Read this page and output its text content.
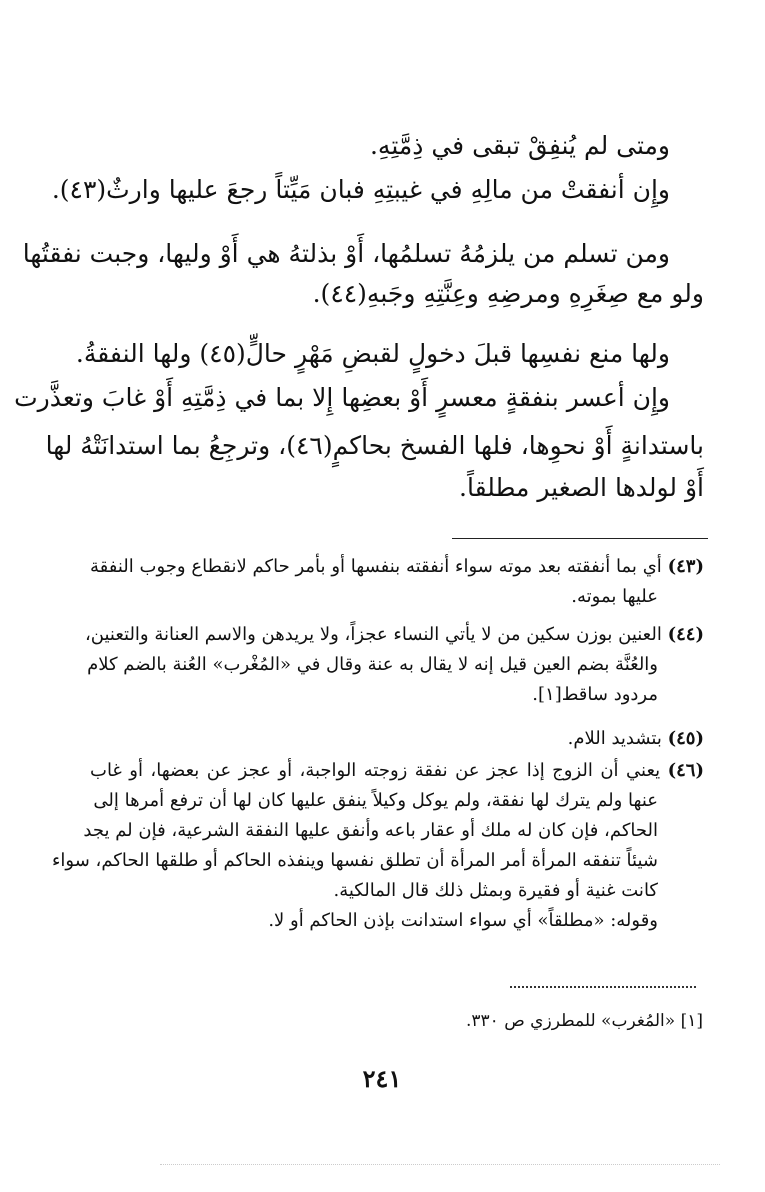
ومتى لم يُنفِقْ تبقى في ذِمَّتِهِ.
وإِن أنفقتْ من مالِهِ في غيبتِهِ فبان مَيِّتاً رجعَ عليها وارثٌ(٤٣).
ومن تسلم من يلزمُهُ تسلمُها، أَوْ بذلتهُ هي أَوْ وليها، وجبت نفقتُها
ولو مع صِغَرِهِ ومرضِهِ وعِنَّتِهِ وجَبهِ(٤٤).
ولها منع نفسِها قبلَ دخولٍ لقبضِ مَهْرٍ حالٍّ(٤٥) ولها النفقةُ.
وإِن أعسر بنفقةٍ معسرٍ أَوْ بعضِها إِلا بما في ذِمَّتِهِ أَوْ غابَ وتعذَّرت
باستدانةٍ أَوْ نحوِها، فلها الفسخ بحاكمٍ(٤٦)، وترجِعُ بما استدانَتْهُ لها
أَوْ لولدها الصغير مطلقاً.
(٤٣) أي بما أنفقته بعد موته سواء أنفقته بنفسها أو بأمر حاكم لانقطاع وجوب النفقة
عليها بموته.
(٤٤) العنين بوزن سكين من لا يأتي النساء عجزاً، ولا يريدهن والاسم العنانة والتعنين،
والعُنَّة بضم العين قيل إنه لا يقال به عنة وقال في «المُغْرب» العُنة بالضم كلام
مردود ساقط[١].
(٤٥) بتشديد اللام.
(٤٦) يعني أن الزوج إذا عجز عن نفقة زوجته الواجبة، أو عجز عن بعضها، أو غاب
عنها ولم يترك لها نفقة، ولم يوكل وكيلاً ينفق عليها كان لها أن ترفع أمرها إلى
الحاكم، فإن كان له ملك أو عقار باعه وأنفق عليها النفقة الشرعية، فإن لم يجد
شيئاً تنفقه المرأة أمر المرأة أن تطلق نفسها وينفذه الحاكم أو طلقها الحاكم، سواء
كانت غنية أو فقيرة وبمثل ذلك قال المالكية.
وقوله: «مطلقاً» أي سواء استدانت بإذن الحاكم أو لا.
[١] «المُغرب» للمطرزي ص ٣٣٠.
٢٤١
